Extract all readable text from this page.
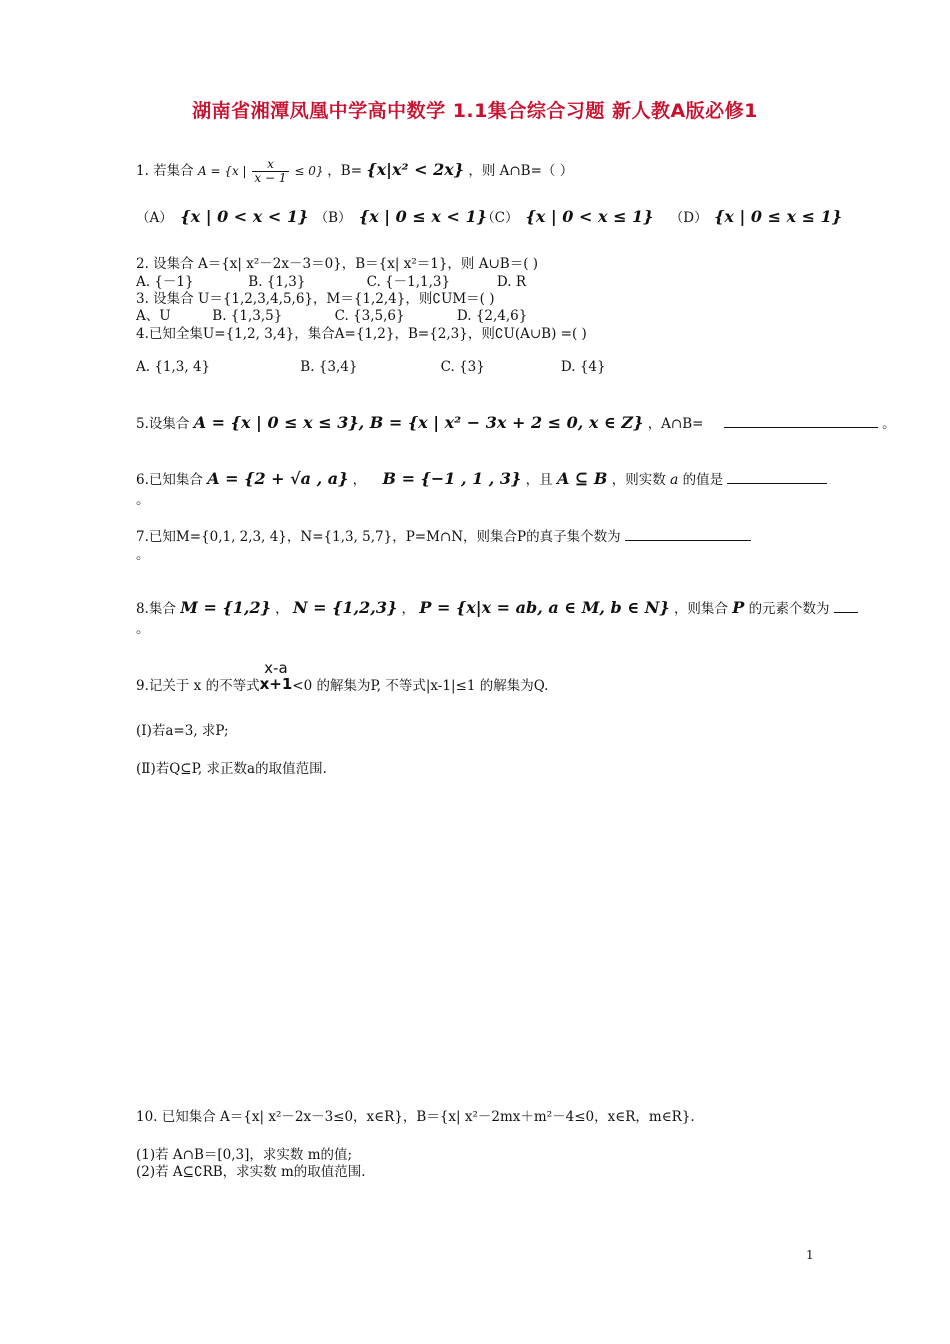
湖南省湘潭凤凰中学高中数学 1.1集合综合习题 新人教A版必修1
1. 若集合 A = {x | $\frac{x}{x - 1} \le 0$} ，B= {x|x² < 2x} ，则 A∩B=（ ）
（A） {x | 0 < x < 1} （B） {x | 0 ≤ x < 1} （C） {x | 0 < x ≤ 1} （D） {x | 0 ≤ x ≤ 1}
2. 设集合 A＝{x| x²－2x－3＝0}，B＝{x| x²＝1}，则 A∪B＝( )
A. {－1}	B. {1,3}	C. {－1,1,3}	D. R
3. 设集合 U＝{1,2,3,4,5,6}，M＝{1,2,4}，则∁UM＝( )
A、U	B. {1,3,5}	C. {3,5,6}	D. {2,4,6}
4.已知全集U={1,2, 3,4}，集合A={1,2}，B={2,3}，则∁U(A∪B) =( )
A. {1,3, 4}	B. {3,4}	C. {3}	D. {4}
5.设集合 A = {x | 0 ≤ x ≤ 3}, B = {x | x² − 3x + 2 ≤ 0, x ∈ Z} ，A∩B=	。
6.已知集合 A = {2 + √a , a} ， B = {−1 , 1 , 3} ，且 A ⊆ B ，则实数 a 的值是
。
7.已知M={0,1, 2,3, 4}，N={1,3, 5,7}，P=M∩N，则集合P的真子集个数为
。
8.集合 M = {1,2} ， N = {1,2,3} ， P = {x|x = ab, a ∈ M, b ∈ N} ，则集合 P 的元素个数为
。
9.记关于 x 的不等式
x-a
x+1 <0 的解集为P, 不等式|x-1|≤1 的解集为Q.
(Ⅰ)若a=3, 求P;
(Ⅱ)若Q⊆P, 求正数a的取值范围.
10. 已知集合 A＝{x| x²－2x－3≤0，x∈R}，B＝{x| x²－2mx＋m²－4≤0，x∈R，m∈R}.
(1)若 A∩B＝[0,3]，求实数 m的值;
(2)若 A⊆∁RB，求实数 m的取值范围.
1
